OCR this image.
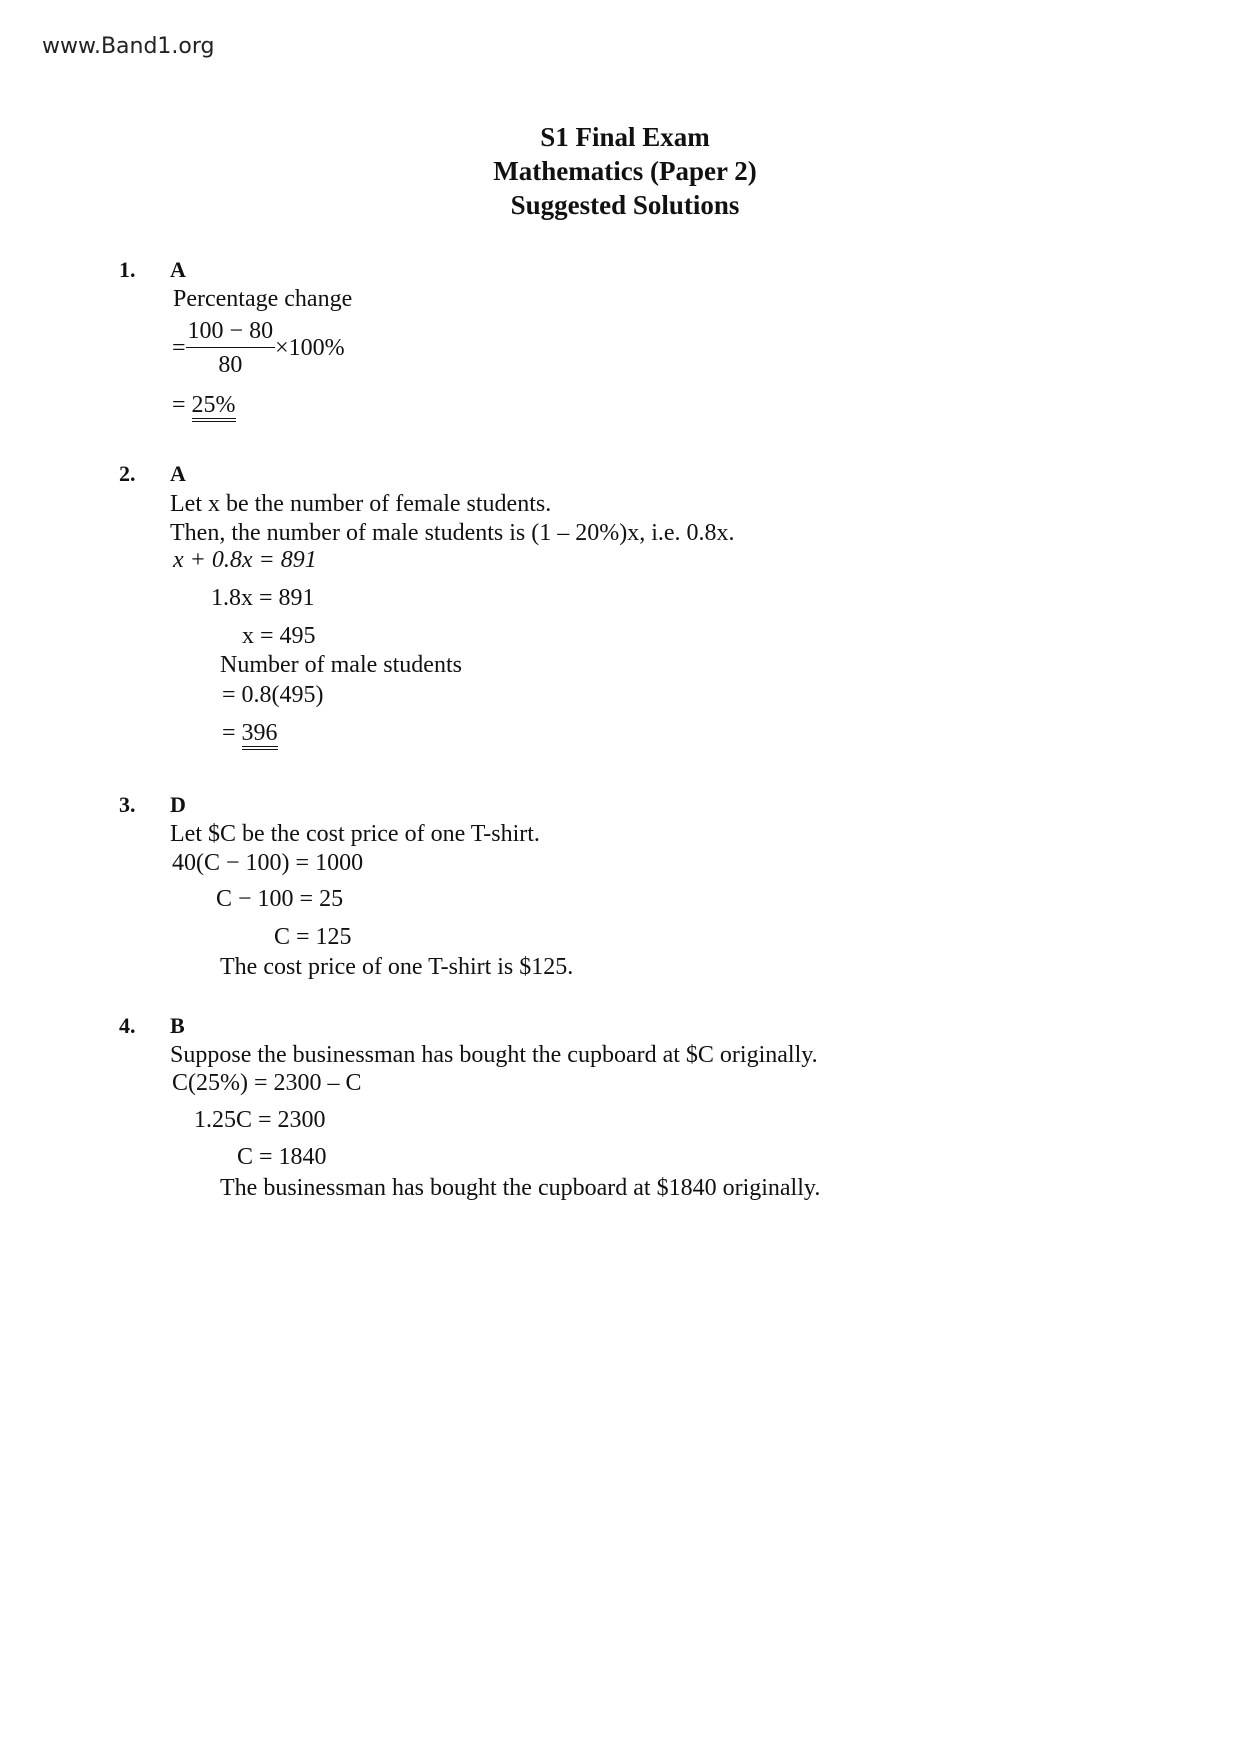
www.Band1.org
S1 Final Exam
Mathematics (Paper 2)
Suggested Solutions
1. A
Percentage change
= $\frac{100 - 80}{80} \times 100\%$
= 25%
2. A
Let x be the number of female students.
Then, the number of male students is (1 – 20%)x, i.e. 0.8x.
x + 0.8x = 891
1.8x = 891
x = 495
Number of male students
= 0.8(495)
= 396
3. D
Let $C be the cost price of one T-shirt.
40(C − 100) = 1000
C − 100 = 25
C = 125
The cost price of one T-shirt is $125.
4. B
Suppose the businessman has bought the cupboard at $C originally.
C(25%) = 2300 – C
1.25C = 2300
C = 1840
The businessman has bought the cupboard at $1840 originally.
